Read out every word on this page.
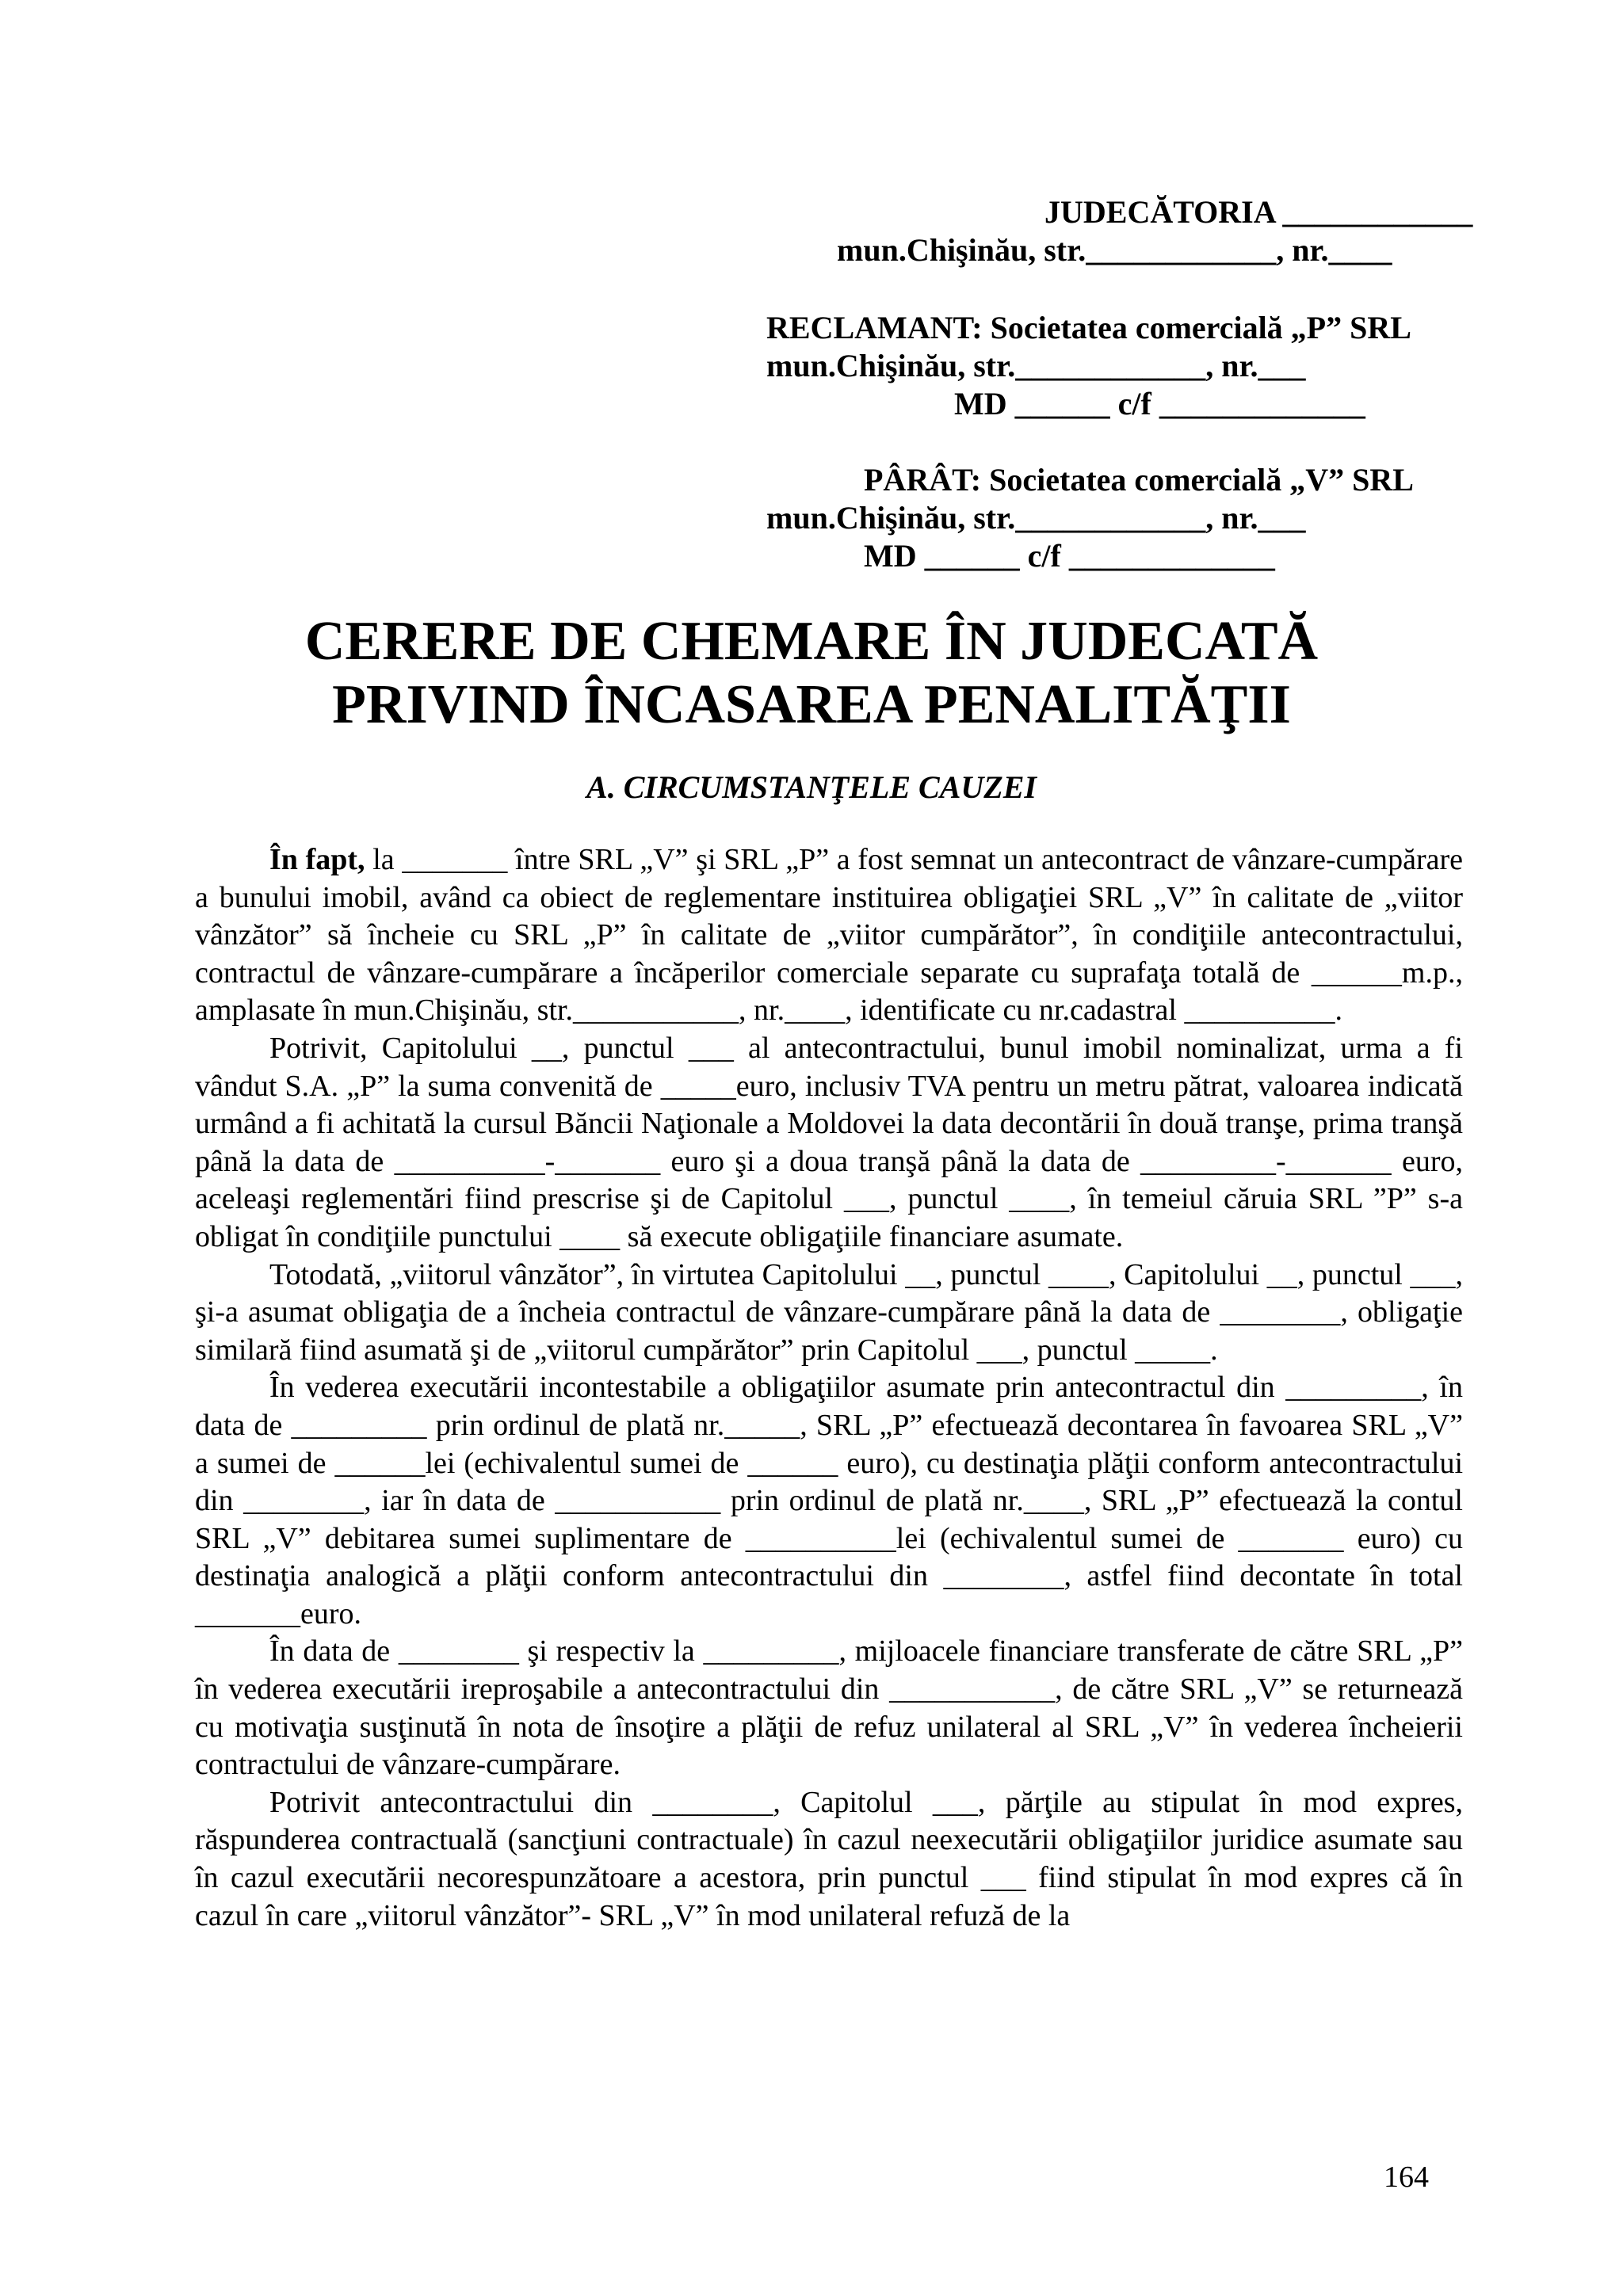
JUDECĂTORIA ____________
mun.Chişinău, str.____________, nr.____
RECLAMANT: Societatea comercială „P” SRL
mun.Chişinău, str.____________, nr.___
MD ______ c/f _____________
PÂRÂT: Societatea comercială „V” SRL
mun.Chişinău, str.____________, nr.___
MD ______ c/f _____________
CERERE DE CHEMARE ÎN JUDECATĂ
PRIVIND ÎNCASAREA PENALITĂŢII
A. CIRCUMSTANŢELE CAUZEI

În fapt, la _______ între SRL „V” şi SRL „P” a fost semnat un antecontract de vânzare-cumpărare a bunului imobil, având ca obiect de reglementare instituirea obligaţiei SRL „V” în calitate de „viitor vânzător” să încheie cu SRL „P” în calitate de „viitor cumpărător”, în condiţiile antecontractului, contractul de vânzare-cumpărare a încăperilor comerciale separate cu suprafaţa totală de ______m.p., amplasate în mun.Chişinău, str.___________, nr.____, identificate cu nr.cadastral __________.

Potrivit, Capitolului __, punctul ___ al antecontractului, bunul imobil nominalizat, urma a fi vândut S.A. „P” la suma convenită de _____euro, inclusiv TVA pentru un metru pătrat, valoarea indicată urmând a fi achitată la cursul Băncii Naţionale a Moldovei la data decontării în două tranşe, prima tranşă până la data de __________-_______ euro şi a doua tranşă până la data de _________-_______ euro, aceleaşi reglementări fiind prescrise şi de Capitolul ___, punctul ____, în temeiul căruia SRL ”P” s-a obligat în condiţiile punctului ____ să execute obligaţiile financiare asumate.

Totodată, „viitorul vânzător”, în virtutea Capitolului __, punctul ____, Capitolului __, punctul ___, şi-a asumat obligaţia de a încheia contractul de vânzare-cumpărare până la data de ________, obligaţie similară fiind asumată şi de „viitorul cumpărător” prin Capitolul ___, punctul _____.

În vederea executării incontestabile a obligaţiilor asumate prin antecontractul din _________, în data de _________ prin ordinul de plată nr._____, SRL „P” efectuează decontarea în favoarea SRL „V” a sumei de ______lei (echivalentul sumei de ______ euro), cu destinaţia plăţii conform antecontractului din ________, iar în data de ___________ prin ordinul de plată nr.____, SRL „P” efectuează la contul SRL „V” debitarea sumei suplimentare de __________lei (echivalentul sumei de _______ euro) cu destinaţia analogică a plăţii conform antecontractului din ________, astfel fiind decontate în total _______euro.

În data de ________ şi respectiv la _________, mijloacele financiare transferate de către SRL „P” în vederea executării ireproşabile a antecontractului din ___________, de către SRL „V” se returnează cu motivaţia susţinută în nota de însoţire a plăţii de refuz unilateral al SRL „V” în vederea încheierii contractului de vânzare-cumpărare.

Potrivit antecontractului din ________, Capitolul ___, părţile au stipulat în mod expres, răspunderea contractuală (sancţiuni contractuale) în cazul neexecutării obligaţiilor juridice asumate sau în cazul executării necorespunzătoare a acestora, prin punctul ___ fiind stipulat în mod expres că în cazul în care „viitorul vânzător”- SRL „V” în mod unilateral refuză de la

164
